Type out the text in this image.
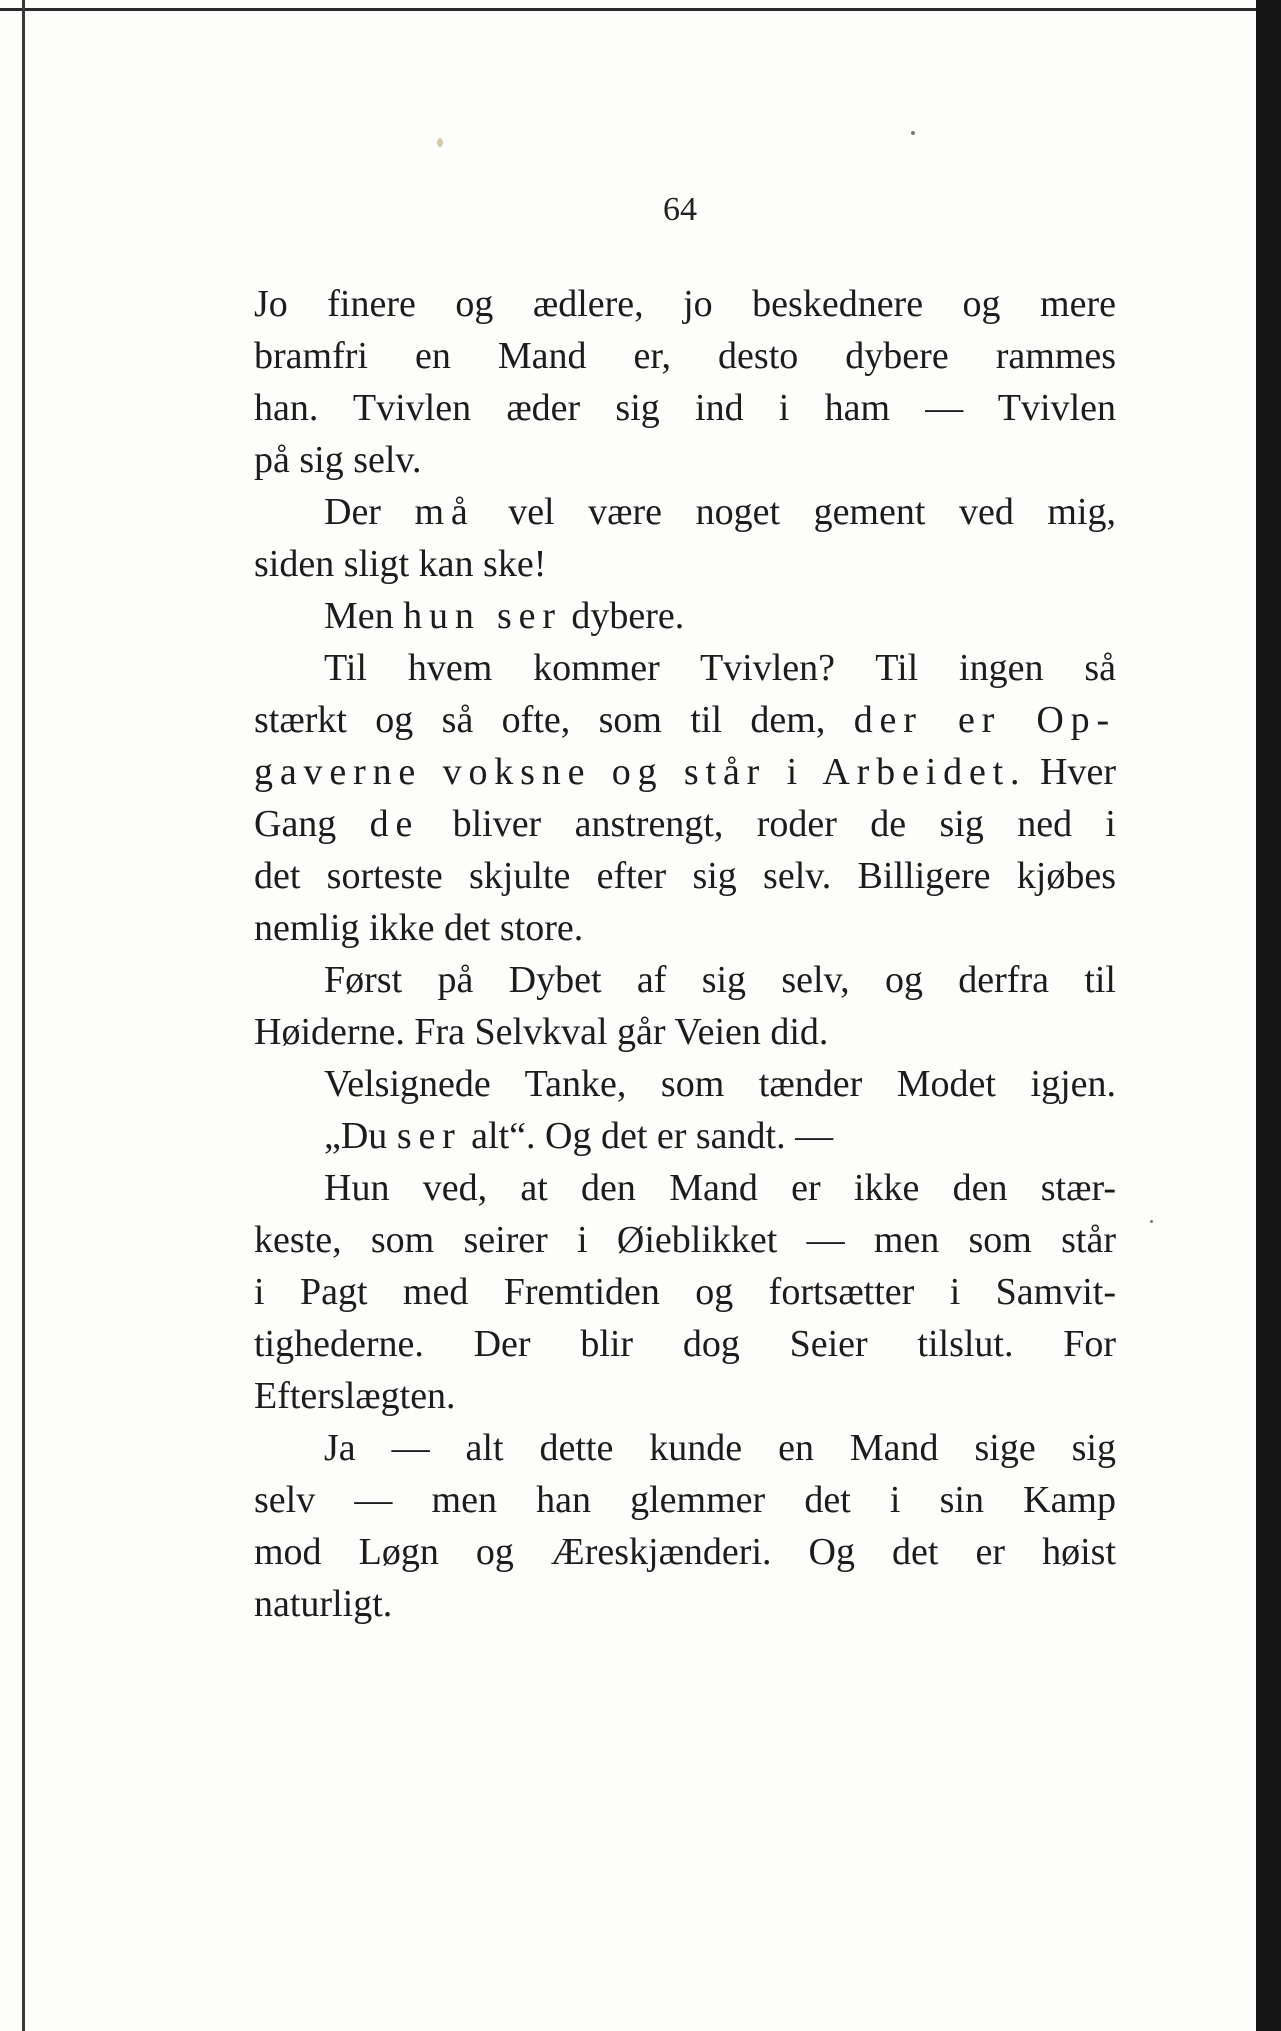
64
Jo finere og ædlere, jo beskednere og mere
bramfri en Mand er, desto dybere rammes
han. Tvivlen æder sig ind i ham — Tvivlen
på sig selv.
Der må vel være noget gement ved mig,
siden sligt kan ske!
Men hun ser dybere.
Til hvem kommer Tvivlen? Til ingen så
stærkt og så ofte, som til dem, der er Op-
gaverne voksne og står i Arbeidet. Hver
Gang de bliver anstrengt, roder de sig ned i
det sorteste skjulte efter sig selv. Billigere kjøbes
nemlig ikke det store.
Først på Dybet af sig selv, og derfra til
Høiderne. Fra Selvkval går Veien did.
Velsignede Tanke, som tænder Modet igjen.
„Du ser alt“. Og det er sandt. —
Hun ved, at den Mand er ikke den stær-
keste, som seirer i Øieblikket — men som står
i Pagt med Fremtiden og fortsætter i Samvit-
tighederne. Der blir dog Seier tilslut. For
Efterslægten.
Ja — alt dette kunde en Mand sige sig
selv — men han glemmer det i sin Kamp
mod Løgn og Æreskjænderi. Og det er høist
naturligt.
